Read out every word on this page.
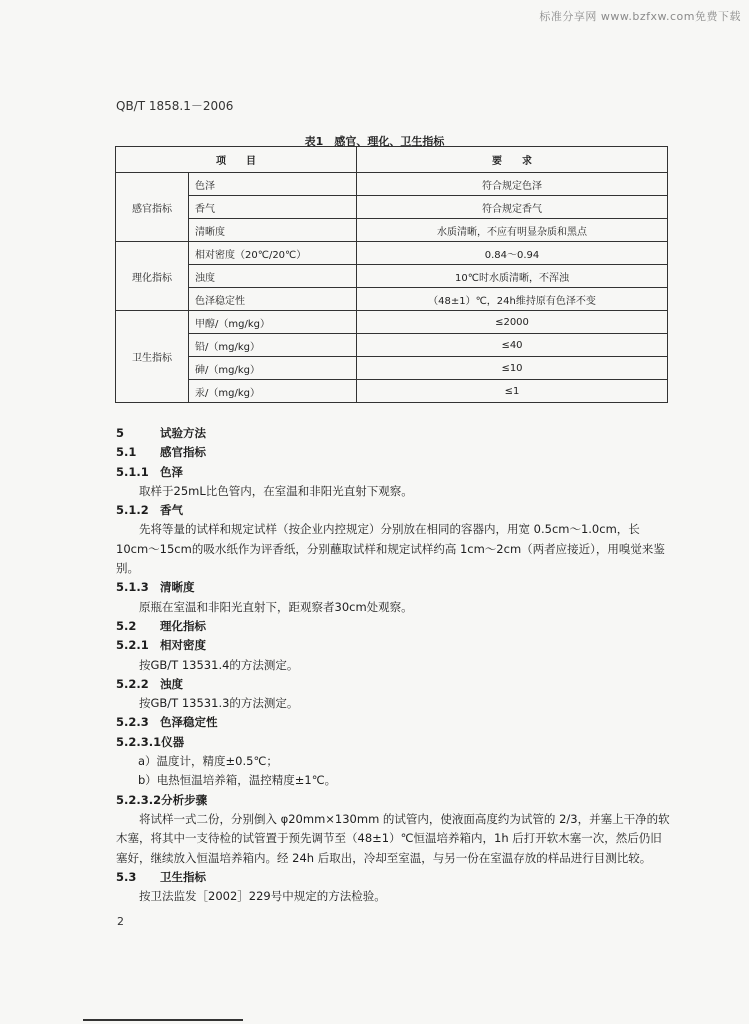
标准分享网 www.bzfxw.com免费下载
QB/T 1858.1－2006
表1　感官、理化、卫生指标
项　　目		要　　求
感官指标	色泽	符合规定色泽
	香气	符合规定香气
	清晰度	水质清晰，不应有明显杂质和黑点
理化指标	相对密度（20℃/20℃）	0.84～0.94
	浊度	10℃时水质清晰，不浑浊
	色泽稳定性	（48±1）℃，24h维持原有色泽不变
卫生指标	甲醇/（mg/kg）	≤2000
	铅/（mg/kg）	≤40
	砷/（mg/kg）	≤10
	汞/（mg/kg）	≤1
5	试验方法
5.1 感官指标
5.1.1 色泽
取样于25mL比色管内，在室温和非阳光直射下观察。
5.1.2 香气
先将等量的试样和规定试样（按企业内控规定）分别放在相同的容器内，用宽 0.5cm～1.0cm，长10cm～15cm的吸水纸作为评香纸，分别蘸取试样和规定试样约高 1cm～2cm（两者应接近），用嗅觉来鉴别。
5.1.3 清晰度
原瓶在室温和非阳光直射下，距观察者30cm处观察。
5.2 理化指标
5.2.1 相对密度
按GB/T 13531.4的方法测定。
5.2.2 浊度
按GB/T 13531.3的方法测定。
5.2.3 色泽稳定性
5.2.3.1仪器
a）温度计，精度±0.5℃；
b）电热恒温培养箱，温控精度±1℃。
5.2.3.2分析步骤
将试样一式二份，分别倒入 φ20mm×130mm 的试管内，使液面高度约为试管的 2/3，并塞上干净的软木塞，将其中一支待检的试管置于预先调节至（48±1）℃恒温培养箱内，1h 后打开软木塞一次，然后仍旧塞好，继续放入恒温培养箱内。经 24h 后取出，冷却至室温，与另一份在室温存放的样品进行目测比较。
5.3 卫生指标
按卫法监发［2002］229号中规定的方法检验。
2
